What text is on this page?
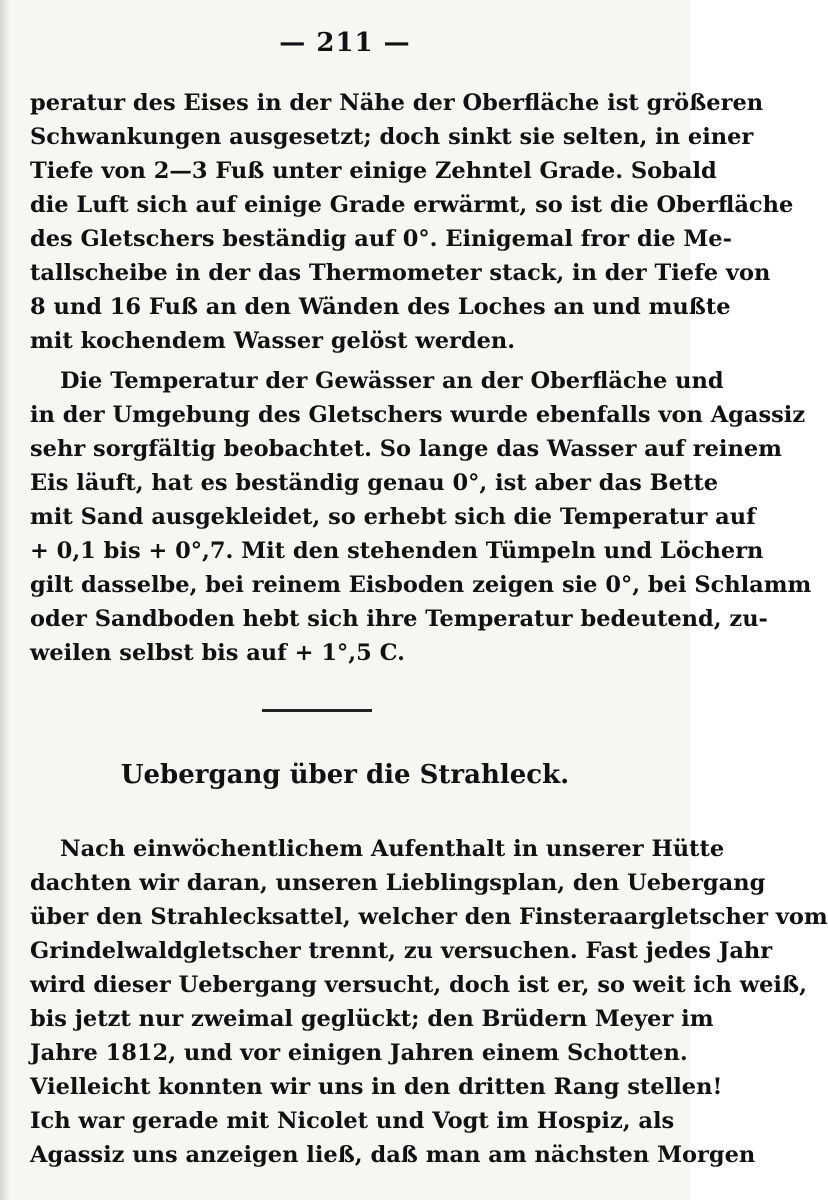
— 211 —
peratur des Eises in der Nähe der Oberfläche ist größeren
Schwankungen ausgesetzt; doch sinkt sie selten, in einer
Tiefe von 2—3 Fuß unter einige Zehntel Grade. Sobald
die Luft sich auf einige Grade erwärmt, so ist die Oberfläche
des Gletschers beständig auf 0°. Einigemal fror die Me-
tallscheibe in der das Thermometer stack, in der Tiefe von
8 und 16 Fuß an den Wänden des Loches an und mußte
mit kochendem Wasser gelöst werden.
Die Temperatur der Gewässer an der Oberfläche und
in der Umgebung des Gletschers wurde ebenfalls von Agassiz
sehr sorgfältig beobachtet. So lange das Wasser auf reinem
Eis läuft, hat es beständig genau 0°, ist aber das Bette
mit Sand ausgekleidet, so erhebt sich die Temperatur auf
+ 0,1 bis + 0°,7. Mit den stehenden Tümpeln und Löchern
gilt dasselbe, bei reinem Eisboden zeigen sie 0°, bei Schlamm
oder Sandboden hebt sich ihre Temperatur bedeutend, zu-
weilen selbst bis auf + 1°,5 C.
Uebergang über die Strahleck.
Nach einwöchentlichem Aufenthalt in unserer Hütte
dachten wir daran, unseren Lieblingsplan, den Uebergang
über den Strahlecksattel, welcher den Finsteraargletscher vom
Grindelwaldgletscher trennt, zu versuchen. Fast jedes Jahr
wird dieser Uebergang versucht, doch ist er, so weit ich weiß,
bis jetzt nur zweimal geglückt; den Brüdern Meyer im
Jahre 1812, und vor einigen Jahren einem Schotten.
Vielleicht konnten wir uns in den dritten Rang stellen!
Ich war gerade mit Nicolet und Vogt im Hospiz, als
Agassiz uns anzeigen ließ, daß man am nächsten Morgen
